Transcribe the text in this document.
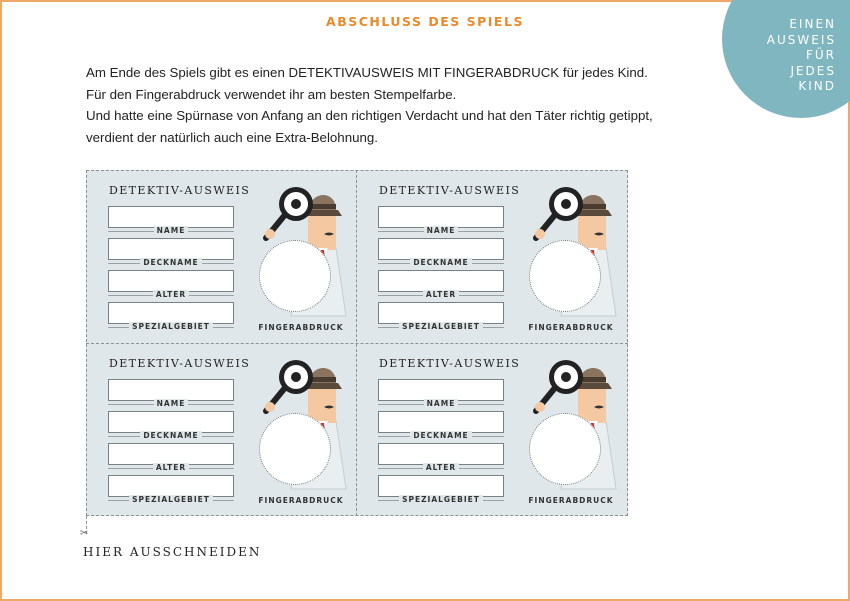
EINEN
AUSWEIS
FÜR
JEDES
KIND
ABSCHLUSS DES SPIELS

Am Ende des Spiels gibt es einen DETEKTIVAUSWEIS MIT FINGERABDRUCK für jedes Kind.

Für den Fingerabdruck verwendet ihr am besten Stempelfarbe.

Und hatte eine Spürnase von Anfang an den richtigen Verdacht und hat den Täter richtig getippt,

verdient der natürlich auch eine Extra-Belohnung.

DETEKTIV-AUSWEIS
NAME
DECKNAME
ALTER
SPEZIALGEBIET	FINGERABDRUCK
DETEKTIV-AUSWEIS
NAME
DECKNAME
ALTER
SPEZIALGEBIET	FINGERABDRUCK
DETEKTIV-AUSWEIS
NAME
DECKNAME
ALTER
SPEZIALGEBIET	FINGERABDRUCK
DETEKTIV-AUSWEIS
NAME
DECKNAME
ALTER
SPEZIALGEBIET	FINGERABDRUCK
✂
HIER AUSSCHNEIDEN
